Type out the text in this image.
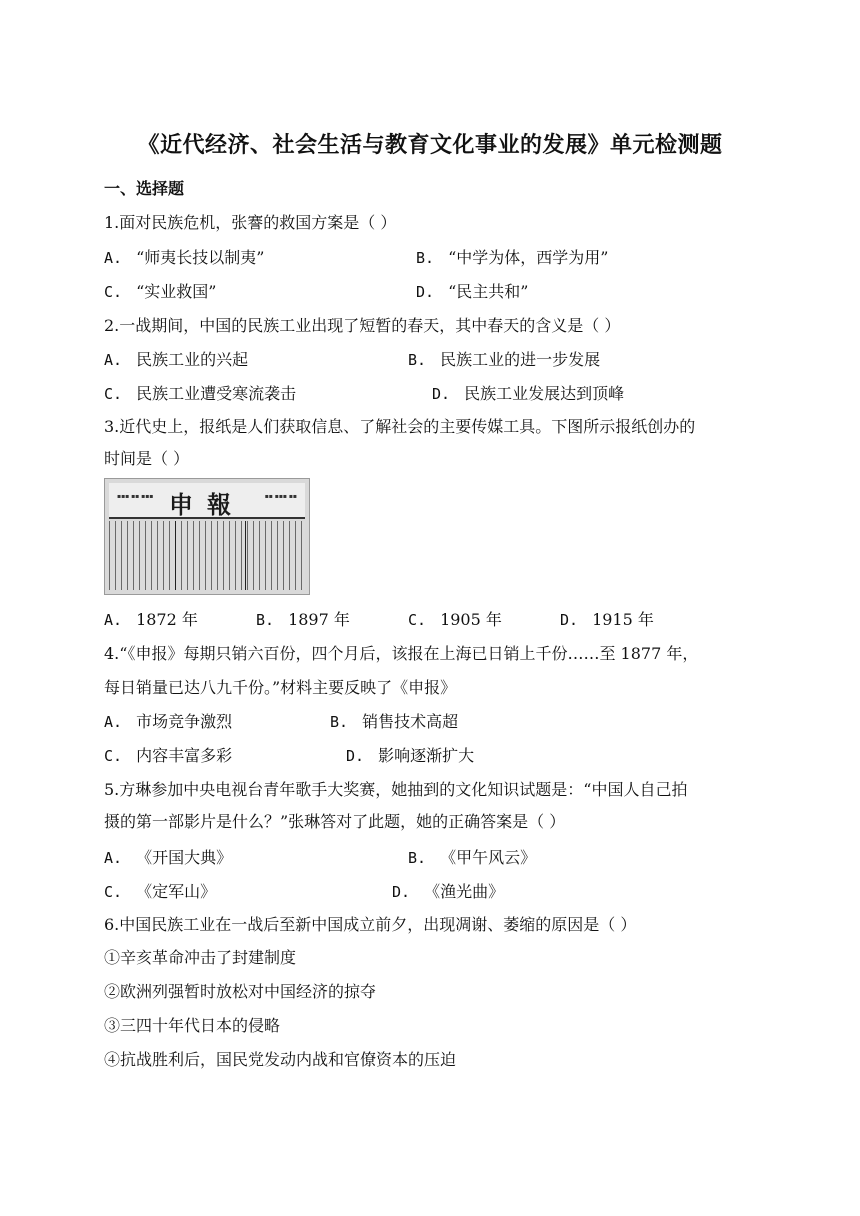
《近代经济、社会生活与教育文化事业的发展》单元检测题
一、选择题
1.面对民族危机，张謇的救国方案是（ ）
A. “师夷长技以制夷”	B. “中学为体，西学为用”
C. “实业救国”	D. “民主共和”
2.一战期间，中国的民族工业出现了短暂的春天，其中春天的含义是（ ）
A. 民族工业的兴起	B. 民族工业的进一步发展
C. 民族工业遭受寒流袭击	D. 民族工业发展达到顶峰
3.近代史上，报纸是人们获取信息、了解社会的主要传媒工具。下图所示报纸创办的
时间是（ ）
▪▪▪ ▪▪ ▪▪▪ 申報	▪▪ ▪▪▪ ▪▪
A. 1872 年	B. 1897 年	C. 1905 年	D. 1915 年
4.“《申报》每期只销六百份，四个月后，该报在上海已日销上千份……至 1877 年，
每日销量已达八九千份。”材料主要反映了《申报》
A. 市场竞争激烈	B. 销售技术高超
C. 内容丰富多彩	D. 影响逐渐扩大
5.方琳参加中央电视台青年歌手大奖赛，她抽到的文化知识试题是：“中国人自己拍
摄的第一部影片是什么？”张琳答对了此题，她的正确答案是（ ）
A. 《开国大典》	B. 《甲午风云》
C. 《定军山》	D. 《渔光曲》
6.中国民族工业在一战后至新中国成立前夕，出现凋谢、萎缩的原因是（ ）
①辛亥革命冲击了封建制度
②欧洲列强暂时放松对中国经济的掠夺
③三四十年代日本的侵略
④抗战胜利后，国民党发动内战和官僚资本的压迫
